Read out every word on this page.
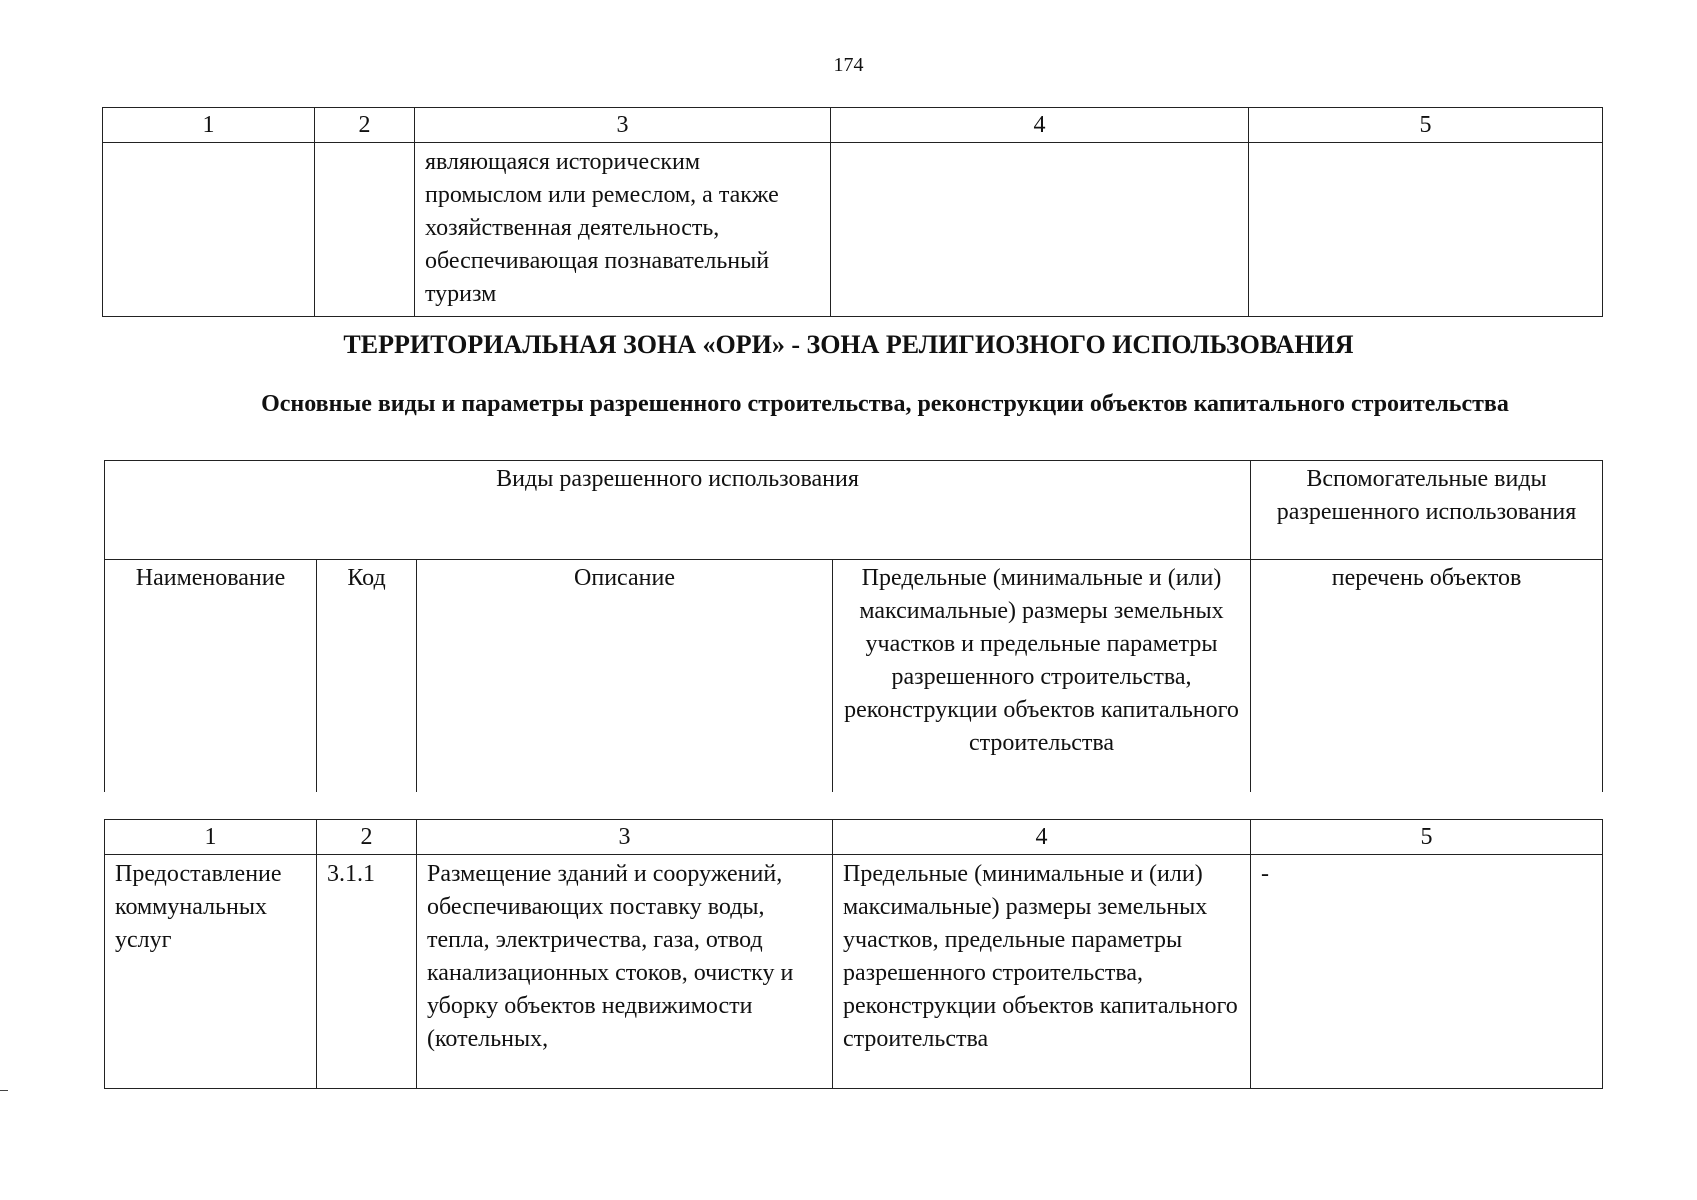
174
1	2	3	4	5
		являющаяся историческим промыслом или ремеслом, а также хозяйственная деятельность, обеспечивающая познавательный туризм		
ТЕРРИТОРИАЛЬНАЯ ЗОНА «ОРИ» - ЗОНА РЕЛИГИОЗНОГО ИСПОЛЬЗОВАНИЯ
Основные виды и параметры разрешенного строительства, реконструкции объектов капитального строительства
Виды разрешенного использования				Вспомогательные виды разрешенного использования
Наименование	Код	Описание	Предельные (минимальные и (или) максимальные) размеры земельных участков и предельные параметры разрешенного строительства, реконструкции объектов капитального строительства	перечень объектов
1	2	3	4	5
Предоставление коммунальных услуг	3.1.1	Размещение зданий и сооружений, обеспечивающих поставку воды, тепла, электричества, газа, отвод канализационных стоков, очистку и уборку объектов недвижимости (котельных,	Предельные (минимальные и (или) максимальные) размеры земельных участков, предельные параметры разрешенного строительства, реконструкции объектов капитального строительства	-
